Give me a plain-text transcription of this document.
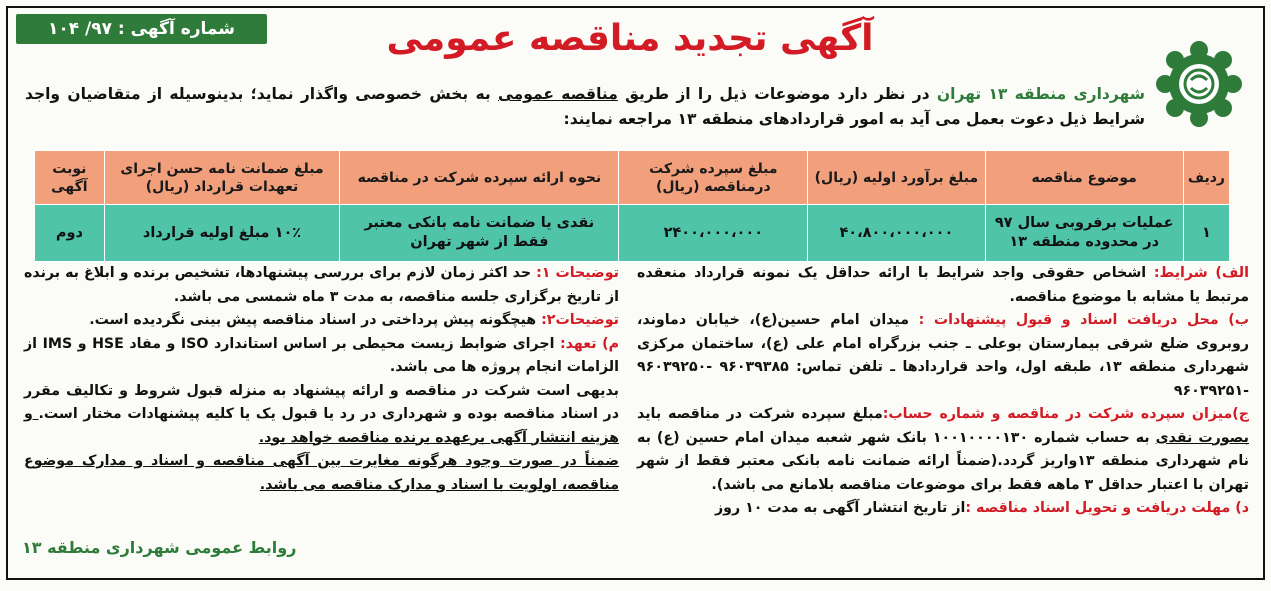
شماره آگهی : ۹۷/ ۱۰۴	آگهی تجدید مناقصه عمومی
شهرداری منطقه ۱۳ تهران در نظر دارد موضوعات ذیل را از طریق مناقصه عمومی به بخش خصوصی واگذار نماید؛ بدینوسیله از متقاضیان واجد شرایط ذیل دعوت بعمل می آید به امور قراردادهای منطقه ۱۳ مراجعه نمایند:
ردیف	موضوع مناقصه	مبلغ برآورد اولیه (ریال)	مبلغ سپرده شرکت درمناقصه (ریال)	نحوه ارائه سپرده شرکت در مناقصه	مبلغ ضمانت نامه حسن اجرای تعهدات قرارداد (ریال)	نوبت آگهی
۱	عملیات برفروبی سال ۹۷ در محدوده منطقه ۱۳	۴۰،۸۰۰،۰۰۰،۰۰۰	۲۴۰۰،۰۰۰،۰۰۰	نقدی یا ضمانت نامه بانکی معتبر فقط از شهر تهران	۱۰٪ مبلغ اولیه قرارداد	دوم

الف) شرایط: اشخاص حقوقی واجد شرایط با ارائه حداقل یک نمونه قرارداد منعقده مرتبط یا مشابه با موضوع مناقصه.

ب) محل دریافت اسناد و قبول پیشنهادات : میدان امام حسین(ع)، خیابان دماوند، روبروی ضلع شرقی بیمارستان بوعلی ـ جنب بزرگراه امام علی (ع)، ساختمان مرکزی شهرداری منطقه ۱۳، طبقه اول، واحد قراردادها ـ تلفن تماس: ۹۶۰۳۹۳۸۵ -۹۶۰۳۹۲۵۰ -۹۶۰۳۹۲۵۱

ج)میزان سپرده شرکت در مناقصه و شماره حساب:مبلغ سپرده شرکت در مناقصه باید بصورت نقدی به حساب شماره ۱۰۰۱۰۰۰۰۱۳۰ بانک شهر شعبه میدان امام حسین (ع) به نام شهرداری منطقه ۱۳واریز گردد.(ضمناً ارائه ضمانت نامه بانکی معتبر فقط از شهر تهران با اعتبار حداقل ۳ ماهه فقط برای موضوعات مناقصه بلامانع می باشد).

د) مهلت دریافت و تحویل اسناد مناقصه :از تاریخ انتشار آگهی به مدت ۱۰ روز

توضیحات ۱: حد اکثر زمان لازم برای بررسی پیشنهادها، تشخیص برنده و ابلاغ به برنده از تاریخ برگزاری جلسه مناقصه، به مدت ۳ ماه شمسی می باشد.

توضیحات۲: هیچگونه پیش پرداختی در اسناد مناقصه پیش بینی نگردیده است.

م) تعهد: اجرای ضوابط زیست محیطی بر اساس استاندارد ISO و مفاد HSE و IMS از الزامات انجام پروژه ها می باشد.

بدیهی است شرکت در مناقصه و ارائه پیشنهاد به منزله قبول شروط و تکالیف مقرر در اسناد مناقصه بوده و شهرداری در رد یا قبول یک یا کلیه پیشنهادات مختار است. و هزینه انتشار آگهی برعهده برنده مناقصه خواهد بود.

ضمناً در صورت وجود هرگونه مغایرت بین آگهی مناقصه و اسناد و مدارک موضوع مناقصه، اولویت با اسناد و مدارک مناقصه می باشد.

روابط عمومی شهرداری منطقه ۱۳
